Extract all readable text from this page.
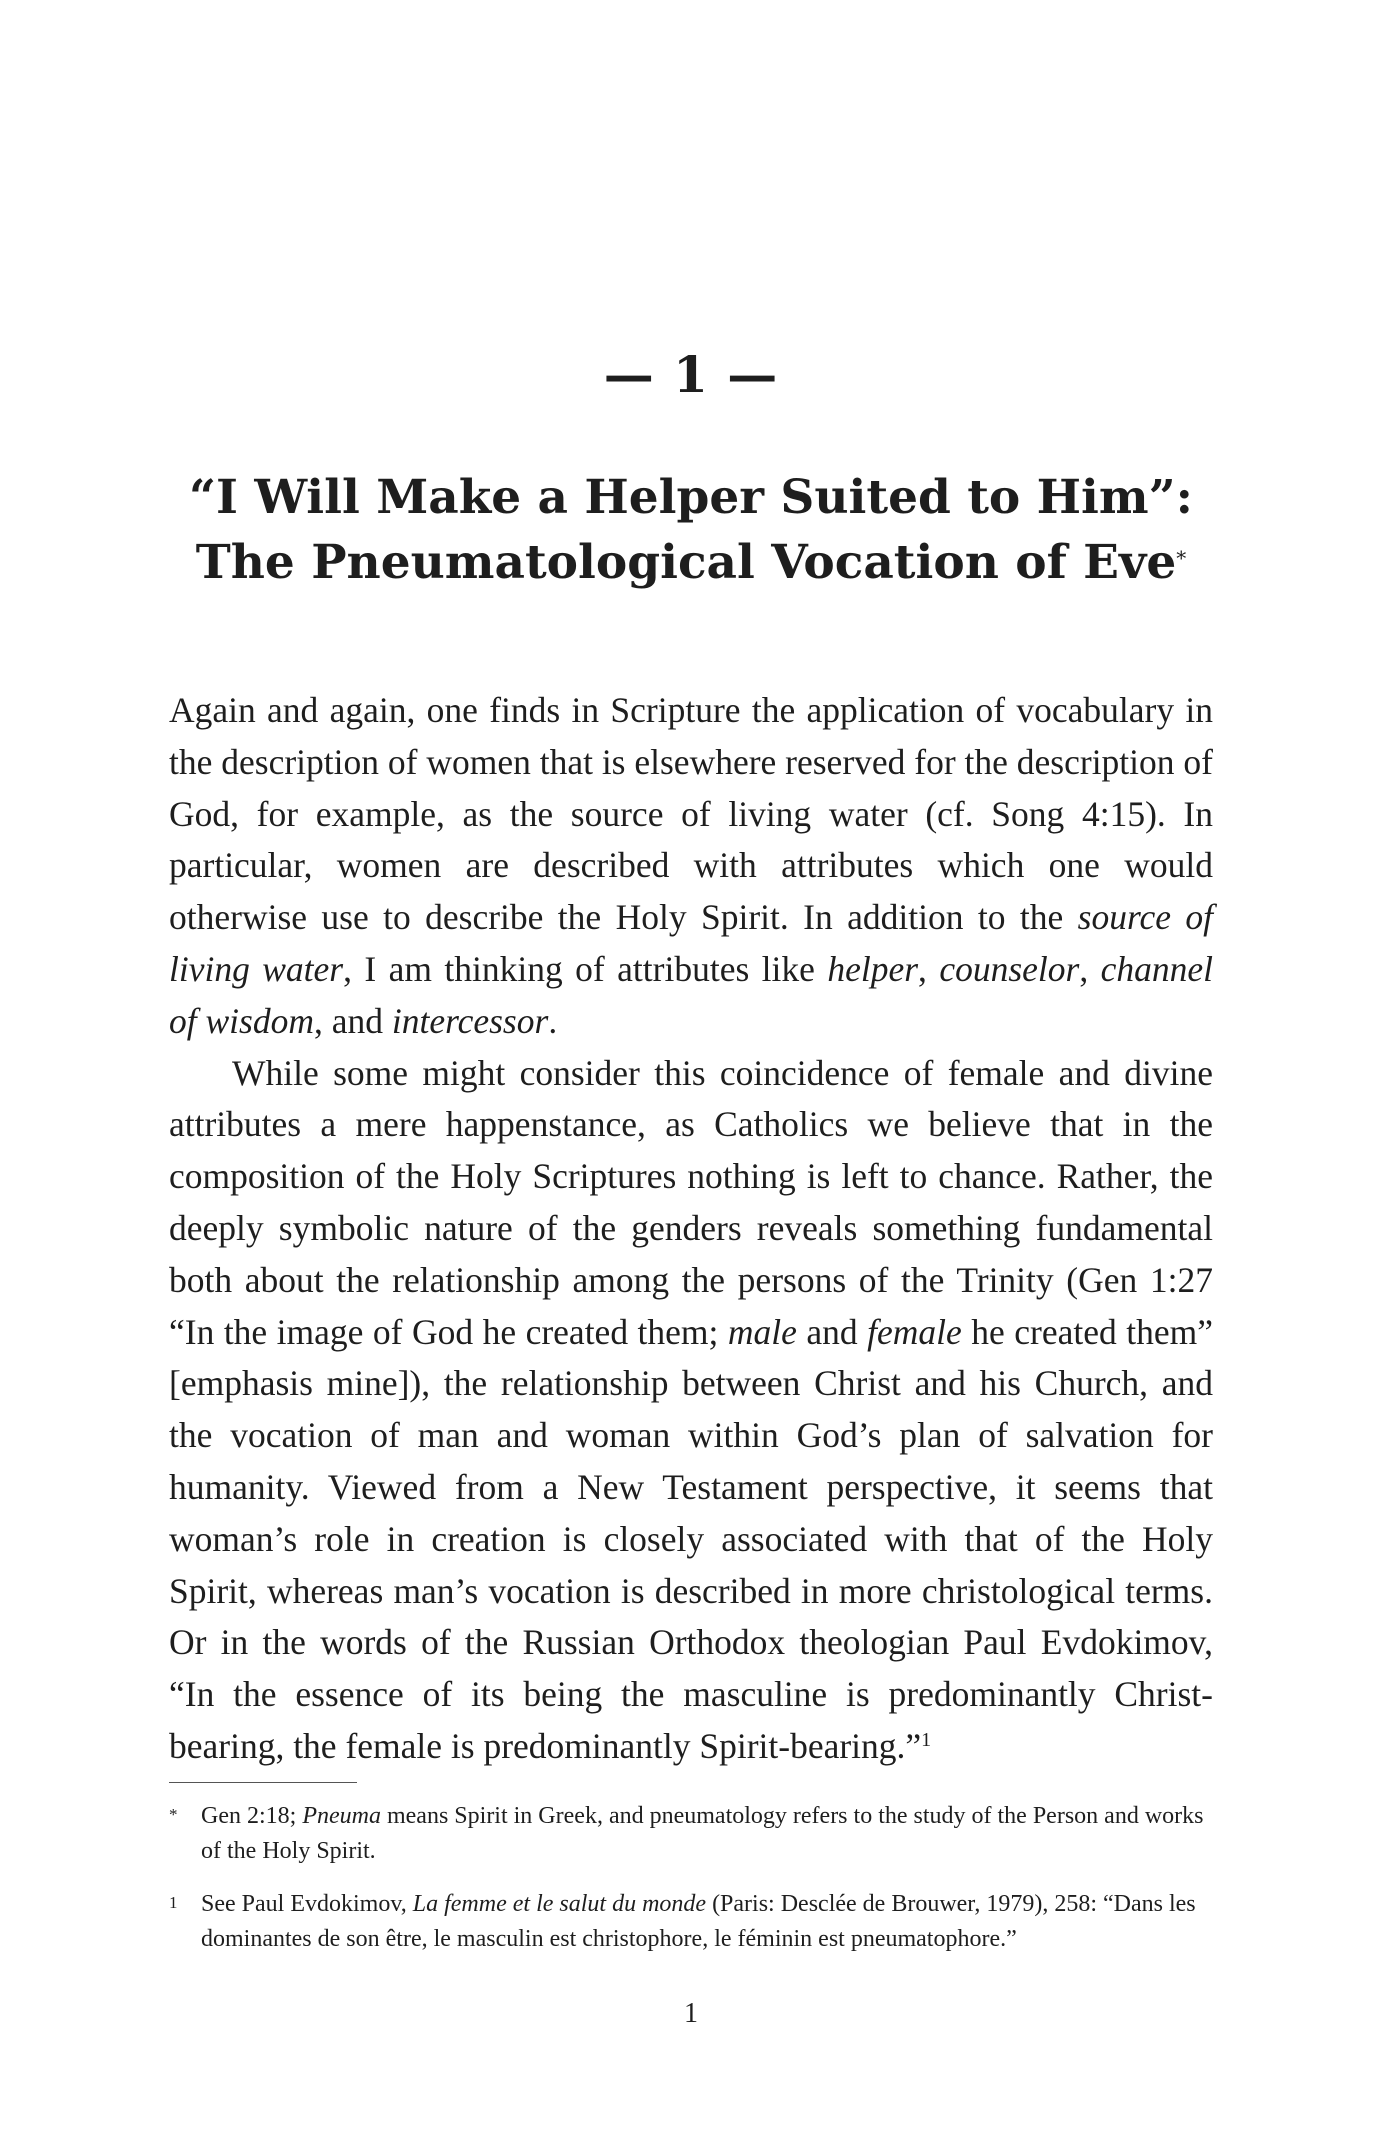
— 1 —
“I Will Make a Helper Suited to Him”:
The Pneumatological Vocation of Eve*

Again and again, one finds in Scripture the application of vocabulary in the description of women that is elsewhere reserved for the description of God, for example, as the source of living water (cf. Song 4:15). In particular, women are described with attributes which one would otherwise use to describe the Holy Spirit. In addition to the source of living water, I am thinking of attributes like helper, counselor, channel of wisdom, and intercessor.

While some might consider this coincidence of female and divine attributes a mere happenstance, as Catholics we believe that in the composition of the Holy Scriptures nothing is left to chance. Rather, the deeply symbolic nature of the genders reveals something fundamental both about the relationship among the persons of the Trinity (Gen 1:27 “In the image of God he created them; male and female he created them” [emphasis mine]), the relationship between Christ and his Church, and the vocation of man and woman within God’s plan of salvation for humanity. Viewed from a New Testament perspective, it seems that woman’s role in creation is closely associated with that of the Holy Spirit, whereas man’s vocation is described in more christological terms. Or in the words of the Russian Orthodox theologian Paul Evdokimov, “In the essence of its being the masculine is predominantly Christ-bearing, the female is predominantly Spirit-bearing.”$^1$

* Gen 2:18; Pneuma means Spirit in Greek, and pneumatology refers to the study of the Person and works of the Holy Spirit.
1 See Paul Evdokimov, La femme et le salut du monde (Paris: Desclée de Brouwer, 1979), 258: “Dans les dominantes de son être, le masculin est christophore, le féminin est pneumatophore.”
1
